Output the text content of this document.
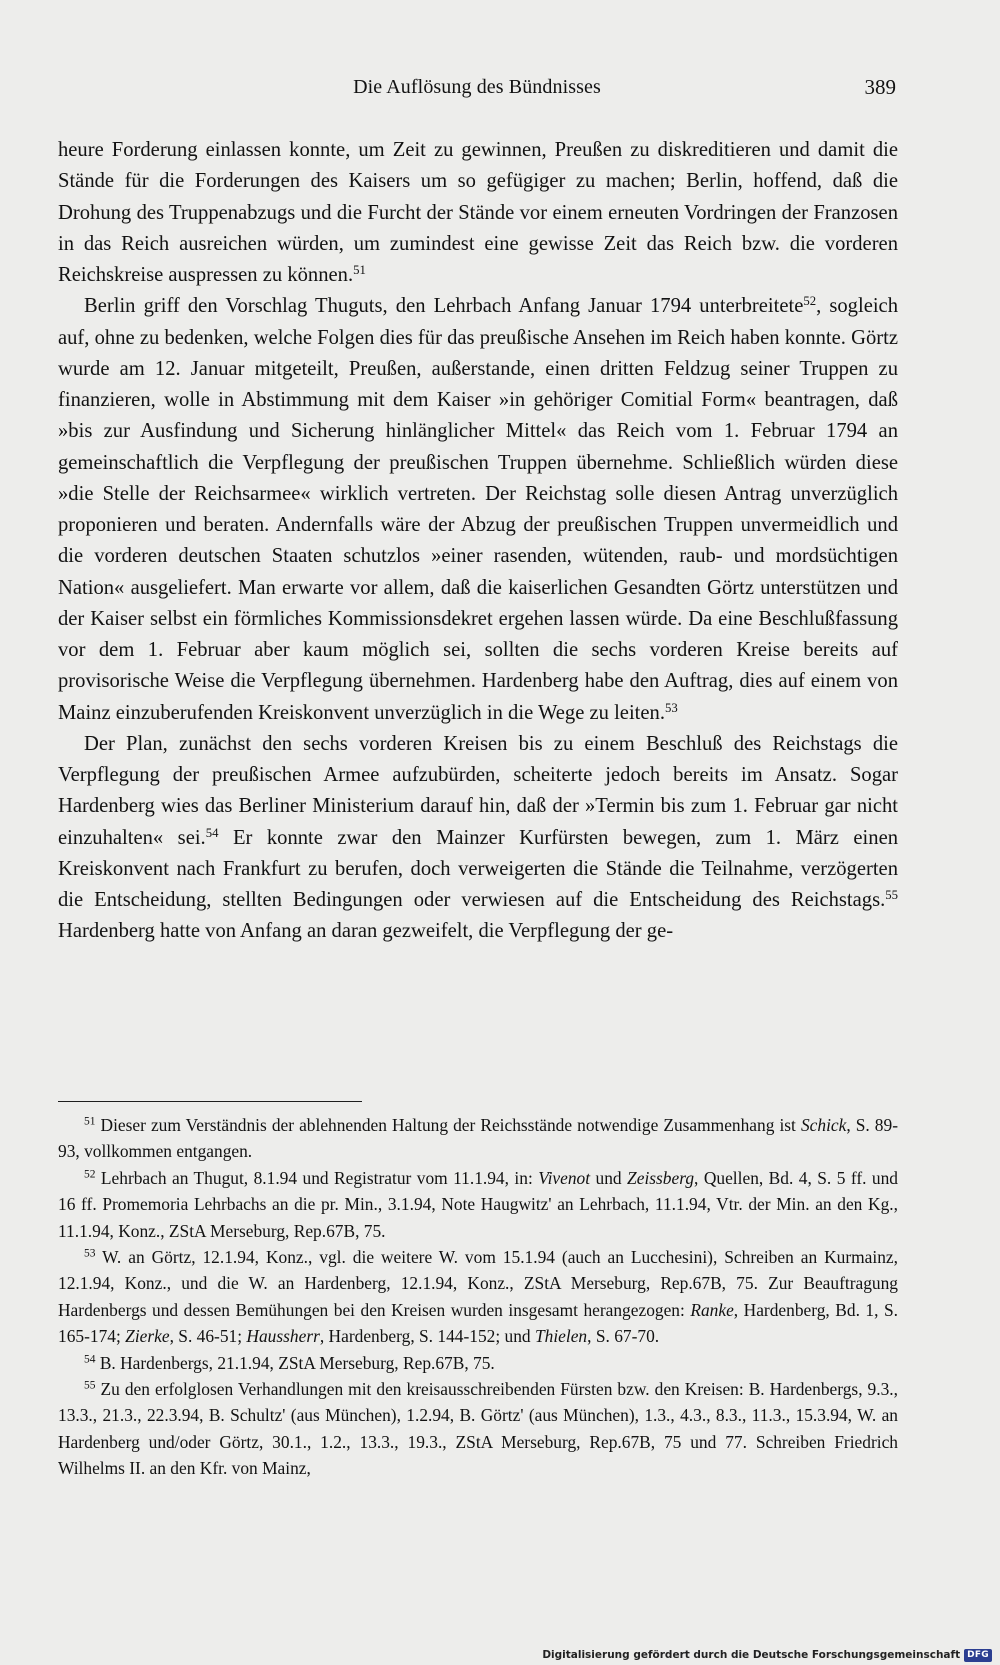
Die Auflösung des Bündnisses	389

heure Forderung einlassen konnte, um Zeit zu gewinnen, Preußen zu diskreditieren und damit die Stände für die Forderungen des Kaisers um so gefügiger zu machen; Berlin, hoffend, daß die Drohung des Truppenabzugs und die Furcht der Stände vor einem erneuten Vordringen der Franzosen in das Reich ausreichen würden, um zumindest eine gewisse Zeit das Reich bzw. die vorderen Reichskreise auspressen zu können.$^{51}$

Berlin griff den Vorschlag Thuguts, den Lehrbach Anfang Januar 1794 unterbreitete$^{52}$, sogleich auf, ohne zu bedenken, welche Folgen dies für das preußische Ansehen im Reich haben konnte. Görtz wurde am 12. Januar mitgeteilt, Preußen, außerstande, einen dritten Feldzug seiner Truppen zu finanzieren, wolle in Abstimmung mit dem Kaiser »in gehöriger Comitial Form« beantragen, daß »bis zur Ausfindung und Sicherung hinlänglicher Mittel« das Reich vom 1. Februar 1794 an gemeinschaftlich die Verpflegung der preußischen Truppen übernehme. Schließlich würden diese »die Stelle der Reichsarmee« wirklich vertreten. Der Reichstag solle diesen Antrag unverzüglich proponieren und beraten. Andernfalls wäre der Abzug der preußischen Truppen unvermeidlich und die vorderen deutschen Staaten schutzlos »einer rasenden, wütenden, raub- und mordsüchtigen Nation« ausgeliefert. Man erwarte vor allem, daß die kaiserlichen Gesandten Görtz unterstützen und der Kaiser selbst ein förmliches Kommissionsdekret ergehen lassen würde. Da eine Beschlußfassung vor dem 1. Februar aber kaum möglich sei, sollten die sechs vorderen Kreise bereits auf provisorische Weise die Verpflegung übernehmen. Hardenberg habe den Auftrag, dies auf einem von Mainz einzuberufenden Kreiskonvent unverzüglich in die Wege zu leiten.$^{53}$

Der Plan, zunächst den sechs vorderen Kreisen bis zu einem Beschluß des Reichstags die Verpflegung der preußischen Armee aufzubürden, scheiterte jedoch bereits im Ansatz. Sogar Hardenberg wies das Berliner Ministerium darauf hin, daß der »Termin bis zum 1. Februar gar nicht einzuhalten« sei.$^{54}$ Er konnte zwar den Mainzer Kurfürsten bewegen, zum 1. März einen Kreiskonvent nach Frankfurt zu berufen, doch verweigerten die Stände die Teilnahme, verzögerten die Entscheidung, stellten Bedingungen oder verwiesen auf die Entscheidung des Reichstags.$^{55}$ Hardenberg hatte von Anfang an daran gezweifelt, die Verpflegung der ge-

$^{51}$ Dieser zum Verständnis der ablehnenden Haltung der Reichsstände notwendige Zusammenhang ist Schick, S. 89-93, vollkommen entgangen.

$^{52}$ Lehrbach an Thugut, 8.1.94 und Registratur vom 11.1.94, in: Vivenot und Zeissberg, Quellen, Bd. 4, S. 5 ff. und 16 ff. Promemoria Lehrbachs an die pr. Min., 3.1.94, Note Haugwitz' an Lehrbach, 11.1.94, Vtr. der Min. an den Kg., 11.1.94, Konz., ZStA Merseburg, Rep.67B, 75.

$^{53}$ W. an Görtz, 12.1.94, Konz., vgl. die weitere W. vom 15.1.94 (auch an Lucchesini), Schreiben an Kurmainz, 12.1.94, Konz., und die W. an Hardenberg, 12.1.94, Konz., ZStA Merseburg, Rep.67B, 75. Zur Beauftragung Hardenbergs und dessen Bemühungen bei den Kreisen wurden insgesamt herangezogen: Ranke, Hardenberg, Bd. 1, S. 165-174; Zierke, S. 46-51; Haussherr, Hardenberg, S. 144-152; und Thielen, S. 67-70.

$^{54}$ B. Hardenbergs, 21.1.94, ZStA Merseburg, Rep.67B, 75.

$^{55}$ Zu den erfolglosen Verhandlungen mit den kreisausschreibenden Fürsten bzw. den Kreisen: B. Hardenbergs, 9.3., 13.3., 21.3., 22.3.94, B. Schultz' (aus München), 1.2.94, B. Görtz' (aus München), 1.3., 4.3., 8.3., 11.3., 15.3.94, W. an Hardenberg und/oder Görtz, 30.1., 1.2., 13.3., 19.3., ZStA Merseburg, Rep.67B, 75 und 77. Schreiben Friedrich Wilhelms II. an den Kfr. von Mainz,

Digitalisierung gefördert durch die Deutsche Forschungsgemeinschaft DFG
